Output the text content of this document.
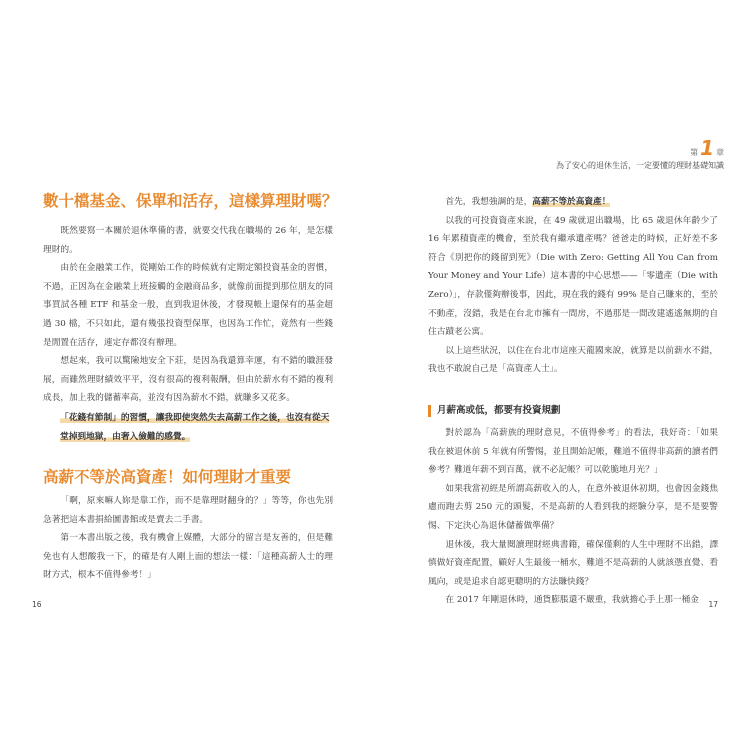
數十檔基金、保單和活存，這樣算理財嗎？

既然要寫一本關於退休準備的書，就要交代我在職場的 26 年，是怎樣理財的。

由於在金融業工作，從剛始工作的時候就有定期定額投資基金的習慣，不過，正因為在金融業上班接觸的金融商品多，就像前面提到那位朋友的同事買試各種 ETF 和基金一般，直到我退休後，才發現帳上還保有的基金超過 30 檔，不只如此，還有幾張投資型保單，也因為工作忙，竟然有一些錢是閒置在活存，連定存都沒有辦理。

想起來，我可以驚險地安全下莊，是因為我還算幸運，有不錯的職涯發展，而雖然理財績效平平，沒有很高的複利報酬，但由於薪水有不錯的複利成長，加上我的儲蓄率高，並沒有因為薪水不錯，就賺多又花多。

「花錢有節制」的習慣，讓我即使突然失去高薪工作之後，也沒有從天堂掉到地獄，由奢入儉難的感覺。

高薪不等於高資產！如何理財才重要

「啊，原來嘛人妳是靠工作，而不是靠理財翻身的？」等等，你也先別急著把這本書捐給圖書館或是賣去二手書。

第一本書出版之後，我有機會上媒體，大部分的留言是友善的，但是難免也有人想酸我一下，的確是有人剛上面的想法一樣：「這種高薪人士的理財方式，根本不值得參考！」

16
第 1 章
為了安心的退休生活，一定要懂的理財基礎知識

首先，我想強調的是，高薪不等於高資產！

以我的可投資資產來說，在 49 歲就退出職場，比 65 歲退休年齡少了 16 年累積資產的機會，至於我有繼承遺產嗎？爸爸走的時候，正好差不多符合《別把你的錢留到死》（Die with Zero: Getting All You Can from Your Money and Your Life）這本書的中心思想——「零遺產（Die with Zero）」，存款僅夠辦後事，因此，現在我的錢有 99% 是自己賺來的，至於不動產，沒錯，我是在台北市擁有一間房，不過那是一間改建遙遙無期的自住古蹟老公寓。

以上這些狀況，以住在台北市這座天龍國來說，就算是以前薪水不錯，我也不敢說自己是「高資產人士」。

月薪高或低，都要有投資規劃

對於認為「高薪族的理財意見，不值得參考」的看法，我好奇：「如果我在被退休前 5 年就有所警惕，並且開始記帳，難道不值得非高薪的讀者們參考？難道年薪不到百萬，就不必記帳？可以乾脆地月光？」

如果我當初經是所謂高薪收入的人，在意外被退休初期，也會因金錢焦慮而跑去剪 250 元的頭髮，不是高薪的人看到我的經驗分享，是不是要警惕、下定決心為退休儲蓄做準備？

退休後，我大量閱讀理財經典書籍，確保僅剩的人生中理財不出錯，譯慎做好資產配置，顧好人生最後一桶水，難道不是高薪的人就該憑直覺、看風向，或是追求自認更聰明的方法賺快錢？

在 2017 年剛退休時，通貨膨脹還不嚴重，我就擔心手上那一桶金	17
